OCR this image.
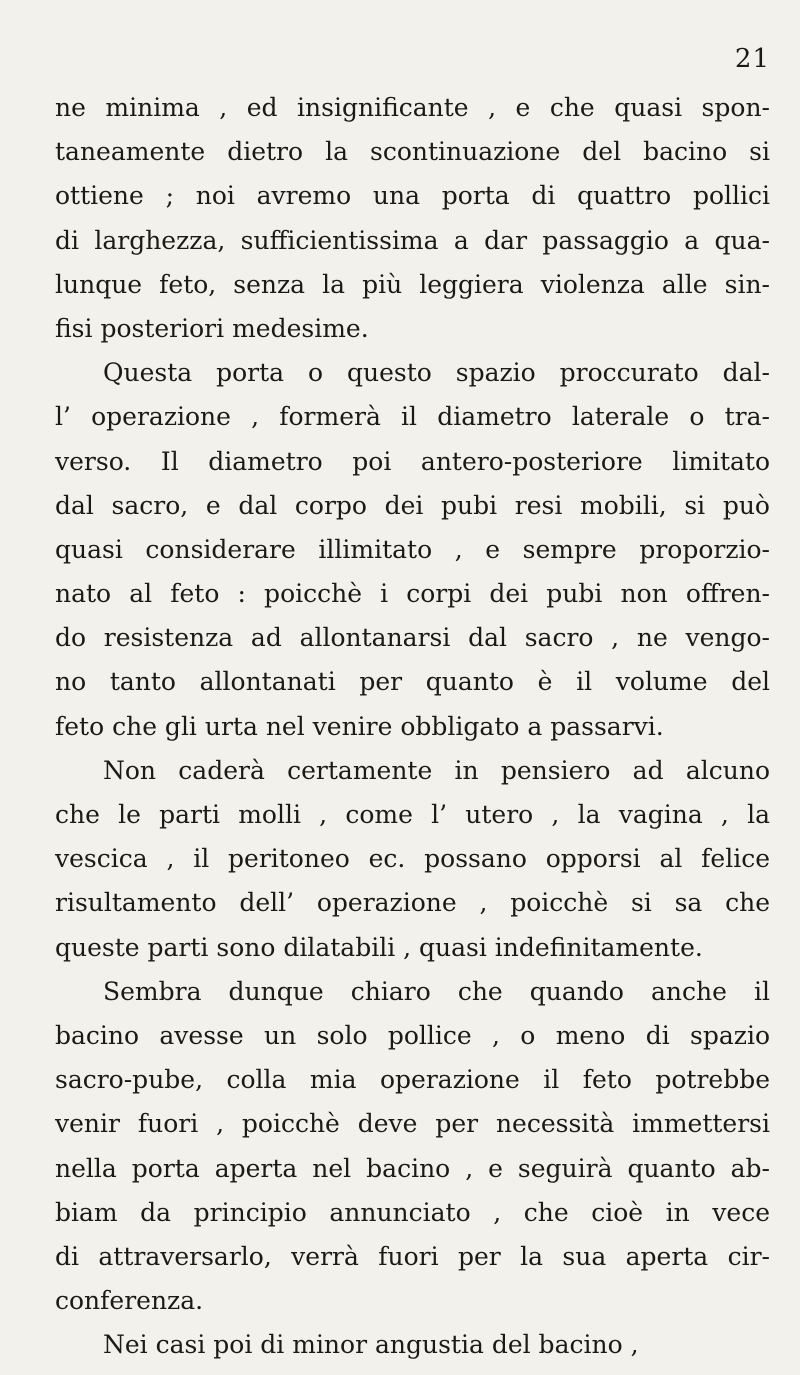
21
ne minima , ed insignificante , e che quasi spon-
taneamente dietro la scontinuazione del bacino si
ottiene ; noi avremo una porta di quattro pollici
di larghezza, sufficientissima a dar passaggio a qua-
lunque feto, senza la più leggiera violenza alle sin-
fisi posteriori medesime.
Questa porta o questo spazio proccurato dal-
l’ operazione , formerà il diametro laterale o tra-
verso. Il diametro poi antero-posteriore limitato
dal sacro, e dal corpo dei pubi resi mobili, si può
quasi considerare illimitato , e sempre proporzio-
nato al feto : poicchè i corpi dei pubi non offren-
do resistenza ad allontanarsi dal sacro , ne vengo-
no tanto allontanati per quanto è il volume del
feto che gli urta nel venire obbligato a passarvi.
Non caderà certamente in pensiero ad alcuno
che le parti molli , come l’ utero , la vagina , la
vescica , il peritoneo ec. possano opporsi al felice
risultamento dell’ operazione , poicchè si sa che
queste parti sono dilatabili , quasi indefinitamente.
Sembra dunque chiaro che quando anche il
bacino avesse un solo pollice , o meno di spazio
sacro-pube, colla mia operazione il feto potrebbe
venir fuori , poicchè deve per necessità immettersi
nella porta aperta nel bacino , e seguirà quanto ab-
biam da principio annunciato , che cioè in vece
di attraversarlo, verrà fuori per la sua aperta cir-
conferenza.
Nei casi poi di minor angustia del bacino ,
